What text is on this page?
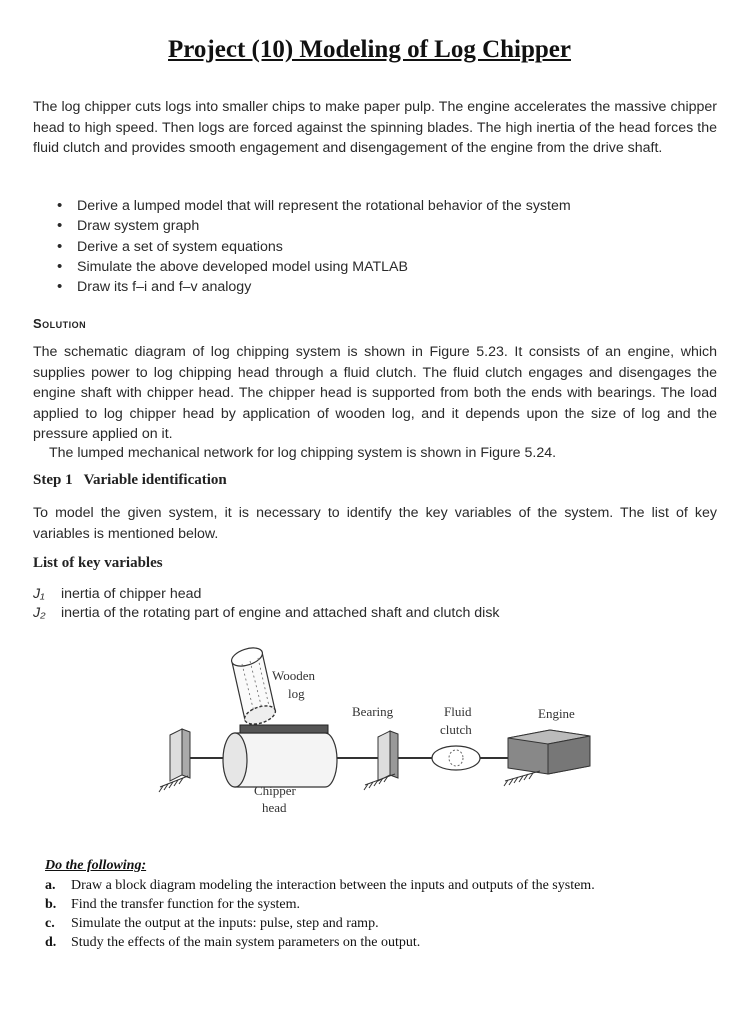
Project (10) Modeling of Log Chipper
The log chipper cuts logs into smaller chips to make paper pulp. The engine accelerates the massive chipper head to high speed. Then logs are forced against the spinning blades. The high inertia of the head forces the fluid clutch and provides smooth engagement and disengagement of the engine from the drive shaft.
• Derive a lumped model that will represent the rotational behavior of the system
• Draw system graph
• Derive a set of system equations
• Simulate the above developed model using MATLAB
• Draw its f–i and f–v analogy
Solution
The schematic diagram of log chipping system is shown in Figure 5.23. It consists of an engine, which supplies power to log chipping head through a fluid clutch. The fluid clutch engages and disengages the engine shaft with chipper head. The chipper head is supported from both the ends with bearings. The load applied to log chipper head by application of wooden log, and it depends upon the size of log and the pressure applied on it.
The lumped mechanical network for log chipping system is shown in Figure 5.24.
Step 1   Variable identification
To model the given system, it is necessary to identify the key variables of the system. The list of key variables is mentioned below.
List of key variables
J₁ inertia of chipper head
J₂ inertia of the rotating part of engine and attached shaft and clutch disk
Wooden
log
Bearing	Fluid
clutch
Engine
Chipper
head
Do the following:
a. Draw a block diagram modeling the interaction between the inputs and outputs of the system.
b. Find the transfer function for the system.
c. Simulate the output at the inputs: pulse, step and ramp.
d. Study the effects of the main system parameters on the output.
